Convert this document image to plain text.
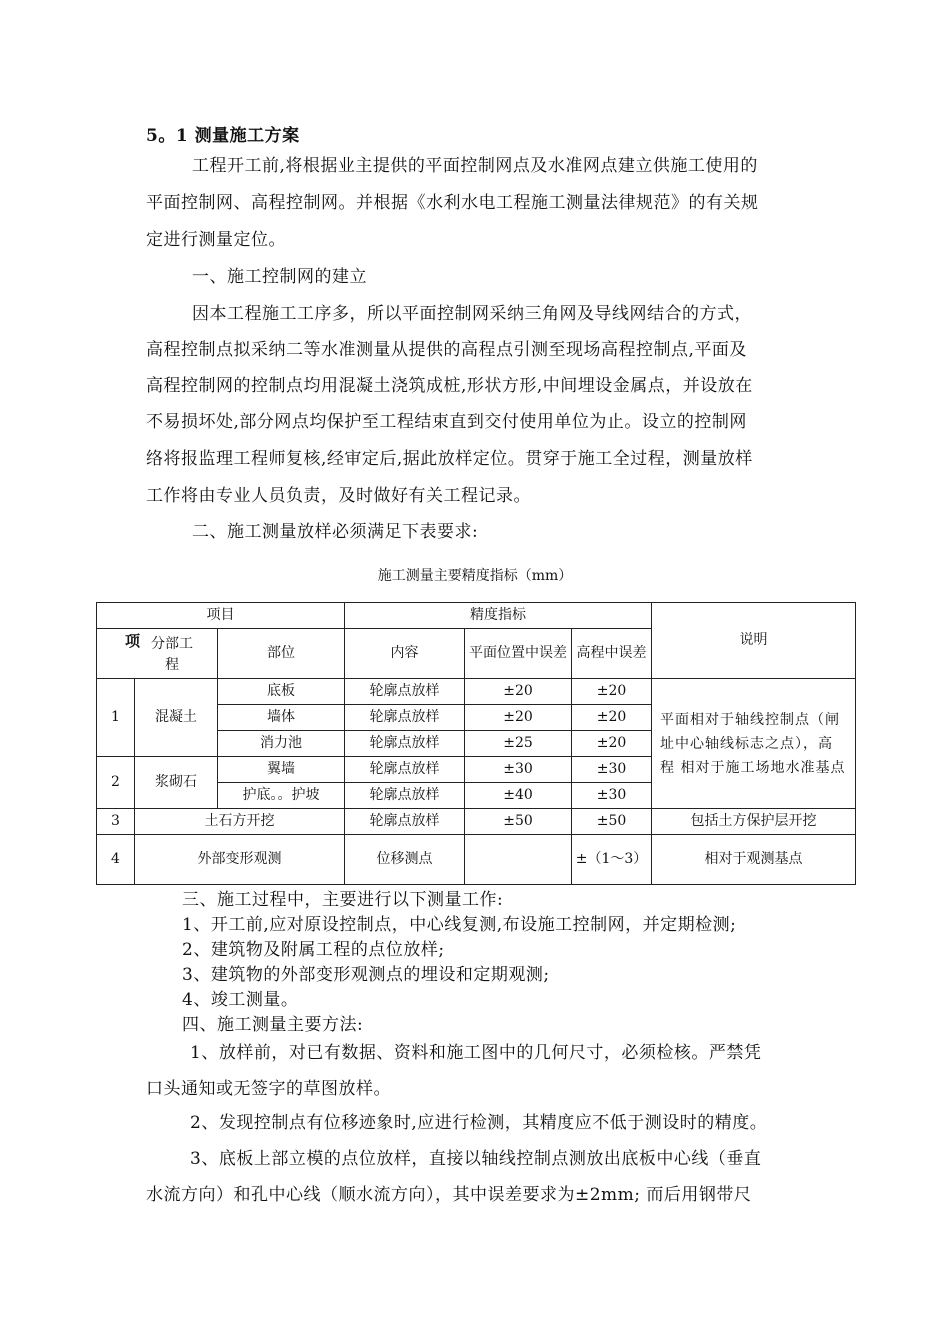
5。1 测量施工方案
工程开工前,将根据业主提供的平面控制网点及水准网点建立供施工使用的
平面控制网、高程控制网。并根据《水利水电工程施工测量法律规范》的有关规
定进行测量定位。
一、施工控制网的建立
因本工程施工工序多，所以平面控制网采纳三角网及导线网结合的方式，
高程控制点拟采纳二等水准测量从提供的高程点引测至现场高程控制点,平面及
高程控制网的控制点均用混凝土浇筑成桩,形状方形,中间埋设金属点，并设放在
不易损坏处,部分网点均保护至工程结束直到交付使用单位为止。设立的控制网
络将报监理工程师复核,经审定后,据此放样定位。贯穿于施工全过程，测量放样
工作将由专业人员负责，及时做好有关工程记录。
二、施工测量放样必须满足下表要求:
施工测量主要精度指标（mm）
项目			精度指标			说明

项 分部工程		部位	内容	平面位置中误差	高程中误差	
1	混凝土	底板	轮廓点放样	±20	±20	平面相对于轴线控制点（闸址中心轴线标志之点），高程 相对于施工场地水准基点
		墙体	轮廓点放样	±20	±20	
		消力池	轮廓点放样	±25	±20	
2	浆砌石	翼墙	轮廓点放样	±30	±30	
		护底。。护坡	轮廓点放样	±40	±30	
3	土石方开挖		轮廓点放样	±50	±50	包括土方保护层开挖
4	外部变形观测		位移测点		±（1～3）	相对于观测基点
三、施工过程中，主要进行以下测量工作:
1、开工前,应对原设控制点，中心线复测,布设施工控制网，并定期检测;
2、建筑物及附属工程的点位放样;
3、建筑物的外部变形观测点的埋设和定期观测;
4、竣工测量。
四、施工测量主要方法:
1、放样前，对已有数据、资料和施工图中的几何尺寸，必须检核。严禁凭
口头通知或无签字的草图放样。
2、发现控制点有位移迹象时,应进行检测，其精度应不低于测设时的精度。
3、底板上部立模的点位放样，直接以轴线控制点测放出底板中心线（垂直
水流方向）和孔中心线（顺水流方向），其中误差要求为±2mm; 而后用钢带尺
